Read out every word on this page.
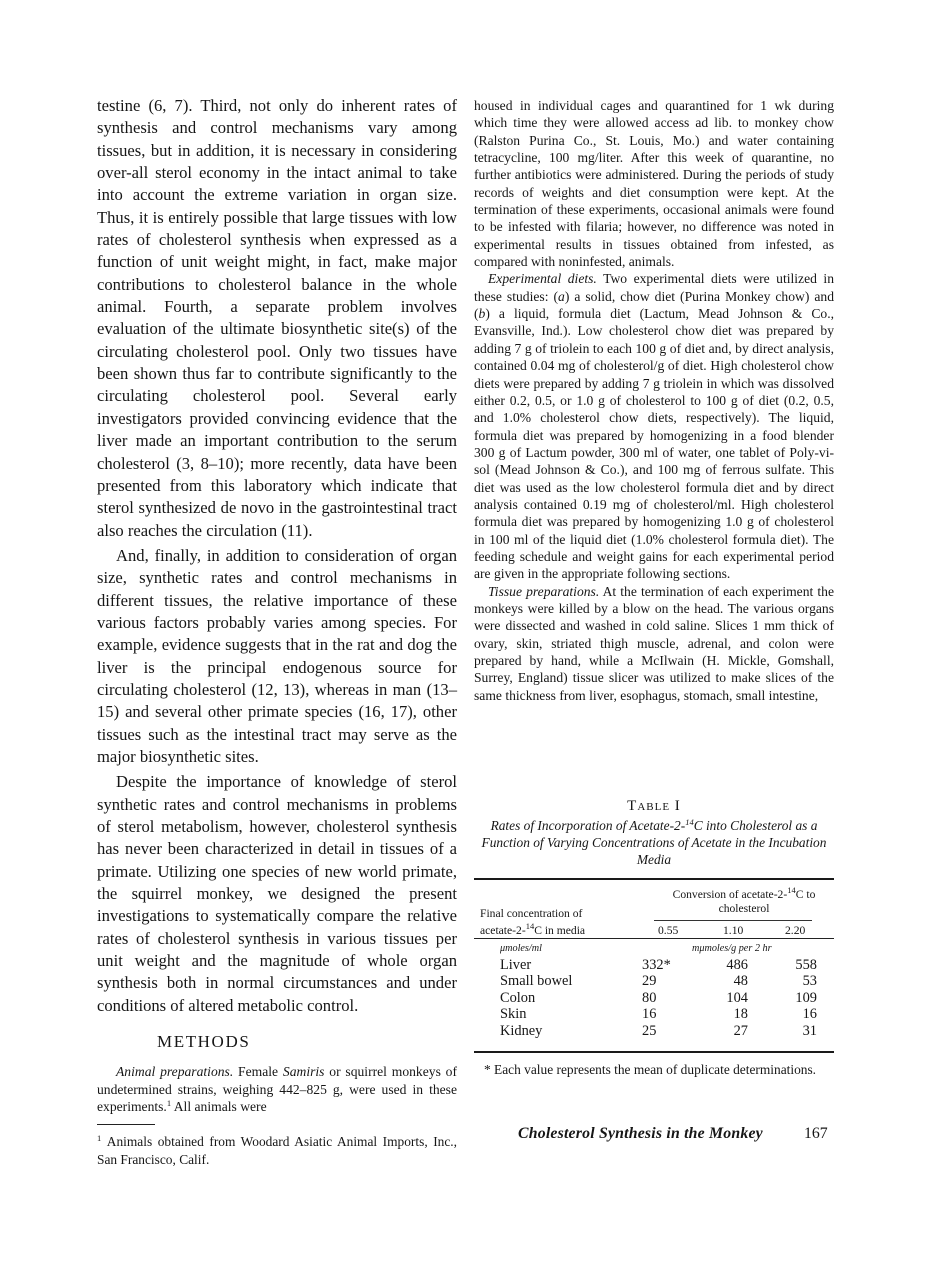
testine (6, 7). Third, not only do inherent rates of synthesis and control mechanisms vary among tissues, but in addition, it is necessary in considering over-all sterol economy in the intact animal to take into account the extreme variation in organ size. Thus, it is entirely possible that large tissues with low rates of cholesterol synthesis when expressed as a function of unit weight might, in fact, make major contributions to cholesterol balance in the whole animal. Fourth, a separate problem involves evaluation of the ultimate biosynthetic site(s) of the circulating cholesterol pool. Only two tissues have been shown thus far to contribute significantly to the circulating cholesterol pool. Several early investigators provided convincing evidence that the liver made an important contribution to the serum cholesterol (3, 8–10); more recently, data have been presented from this laboratory which indicate that sterol synthesized de novo in the gastrointestinal tract also reaches the circulation (11).

And, finally, in addition to consideration of organ size, synthetic rates and control mechanisms in different tissues, the relative importance of these various factors probably varies among species. For example, evidence suggests that in the rat and dog the liver is the principal endogenous source for circulating cholesterol (12, 13), whereas in man (13–15) and several other primate species (16, 17), other tissues such as the intestinal tract may serve as the major biosynthetic sites.

Despite the importance of knowledge of sterol synthetic rates and control mechanisms in problems of sterol metabolism, however, cholesterol synthesis has never been characterized in detail in tissues of a primate. Utilizing one species of new world primate, the squirrel monkey, we designed the present investigations to systematically compare the relative rates of cholesterol synthesis in various tissues per unit weight and the magnitude of whole organ synthesis both in normal circumstances and under conditions of altered metabolic control.

METHODS

Animal preparations. Female Samiris or squirrel monkeys of undetermined strains, weighing 442–825 g, were used in these experiments.$^1$ All animals were

$^1$ Animals obtained from Woodard Asiatic Animal Imports, Inc., San Francisco, Calif.

housed in individual cages and quarantined for 1 wk during which time they were allowed access ad lib. to monkey chow (Ralston Purina Co., St. Louis, Mo.) and water containing tetracycline, 100 mg/liter. After this week of quarantine, no further antibiotics were administered. During the periods of study records of weights and diet consumption were kept. At the termination of these experiments, occasional animals were found to be infested with filaria; however, no difference was noted in experimental results in tissues obtained from infested, as compared with noninfested, animals.

Experimental diets. Two experimental diets were utilized in these studies: (a) a solid, chow diet (Purina Monkey chow) and (b) a liquid, formula diet (Lactum, Mead Johnson & Co., Evansville, Ind.). Low cholesterol chow diet was prepared by adding 7 g of triolein to each 100 g of diet and, by direct analysis, contained 0.04 mg of cholesterol/g of diet. High cholesterol chow diets were prepared by adding 7 g triolein in which was dissolved either 0.2, 0.5, or 1.0 g of cholesterol to 100 g of diet (0.2, 0.5, and 1.0% cholesterol chow diets, respectively). The liquid, formula diet was prepared by homogenizing in a food blender 300 g of Lactum powder, 300 ml of water, one tablet of Poly-vi-sol (Mead Johnson & Co.), and 100 mg of ferrous sulfate. This diet was used as the low cholesterol formula diet and by direct analysis contained 0.19 mg of cholesterol/ml. High cholesterol formula diet was prepared by homogenizing 1.0 g of cholesterol in 100 ml of the liquid diet (1.0% cholesterol formula diet). The feeding schedule and weight gains for each experimental period are given in the appropriate following sections.

Tissue preparations. At the termination of each experiment the monkeys were killed by a blow on the head. The various organs were dissected and washed in cold saline. Slices 1 mm thick of ovary, skin, striated thigh muscle, adrenal, and colon were prepared by hand, while a McIlwain (H. Mickle, Gomshall, Surrey, England) tissue slicer was utilized to make slices of the same thickness from liver, esophagus, stomach, small intestine,

Table I
Rates of Incorporation of Acetate-2-$^{14}$C into Cholesterol as a Function of Varying Concentrations of Acetate in the Incubation Media
Conversion of acetate-2-$^{14}$C to cholesterol
Final concentration of
acetate-2-$^{14}$C in media	0.55	1.10	2.20
μmoles/ml	mμmoles/g per 2 hr
Liver	332*	486	558
Small bowel	29	48	53
Colon	80	104	109
Skin	16	18	16
Kidney	25	27	31

* Each value represents the mean of duplicate determinations.

Cholesterol Synthesis in the Monkey	167
